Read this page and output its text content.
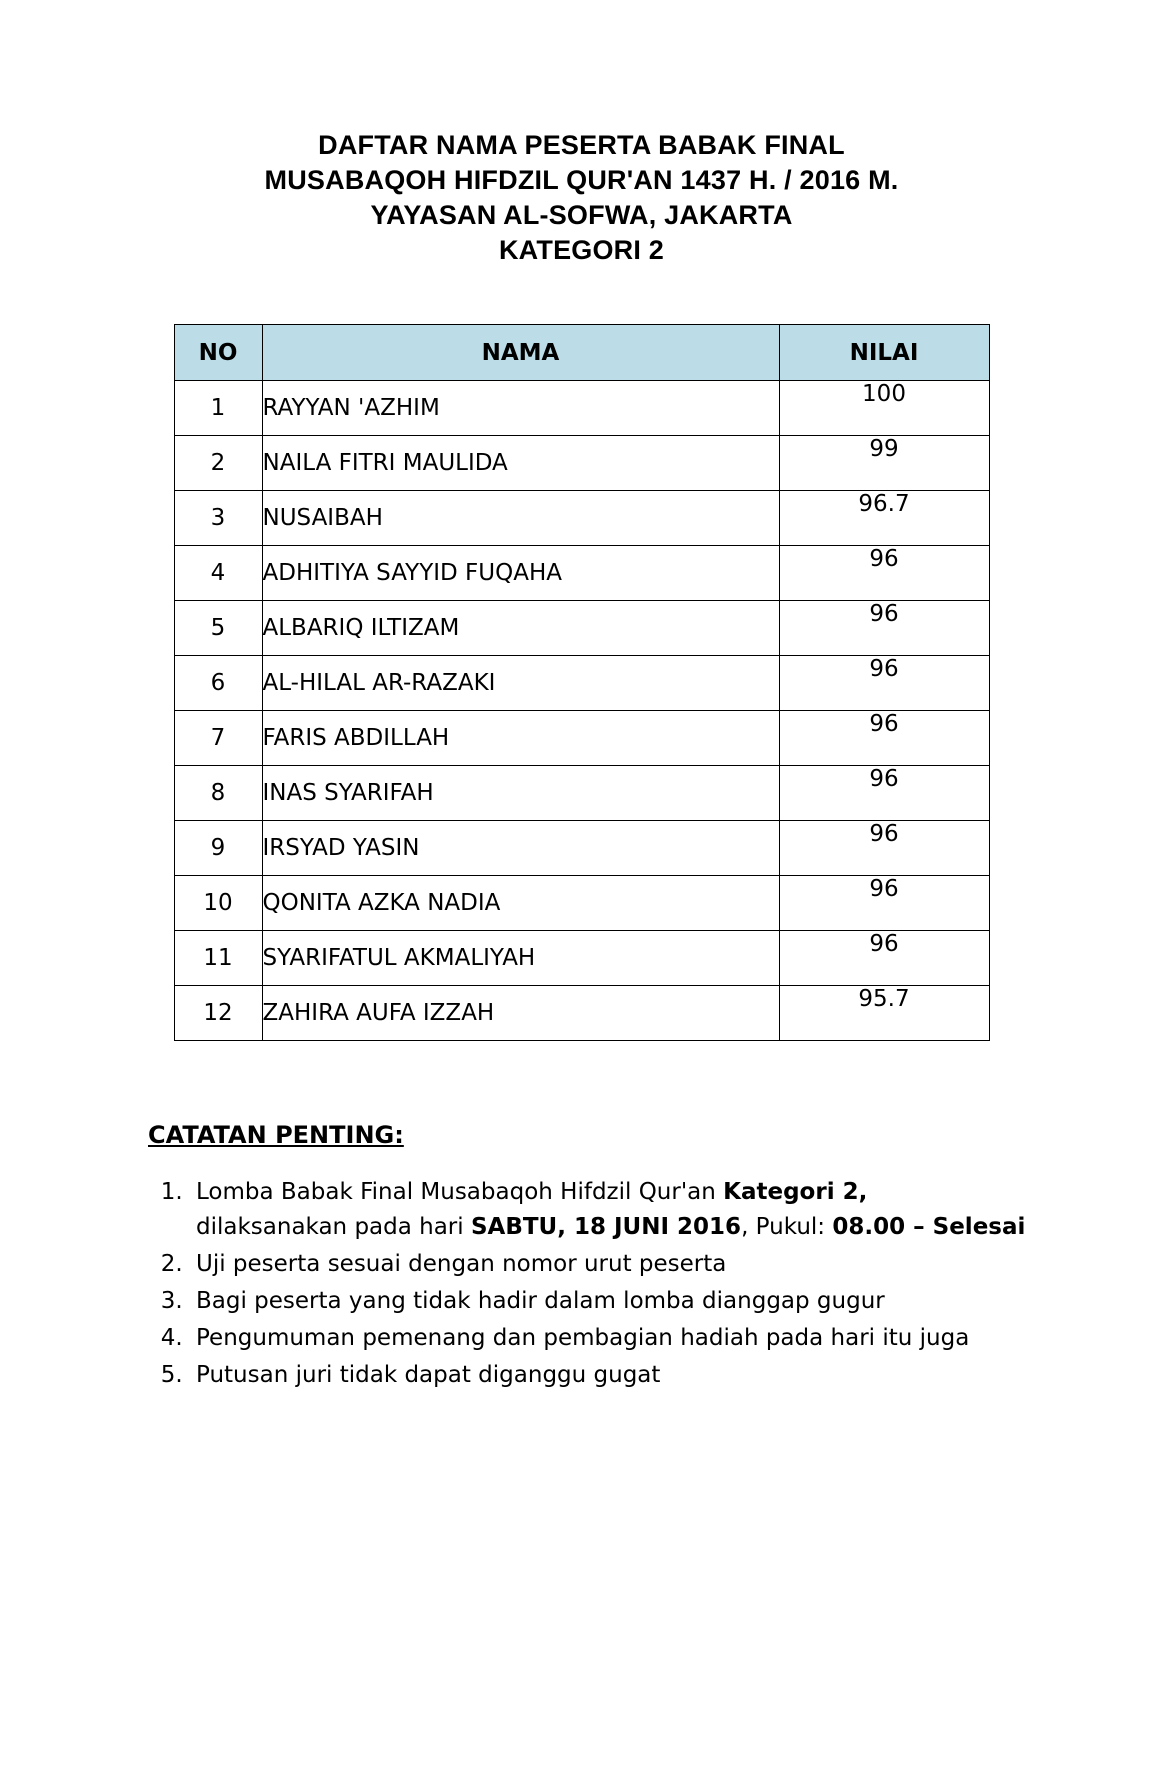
DAFTAR NAMA PESERTA BABAK FINAL
MUSABAQOH HIFDZIL QUR'AN 1437 H. / 2016 M.
YAYASAN AL-SOFWA, JAKARTA
KATEGORI 2
NO	NAMA	NILAI
1	RAYYAN 'AZHIM	100
2	NAILA FITRI MAULIDA	99
3	NUSAIBAH	96.7
4	ADHITIYA SAYYID FUQAHA	96
5	ALBARIQ ILTIZAM	96
6	AL-HILAL AR-RAZAKI	96
7	FARIS ABDILLAH	96
8	INAS SYARIFAH	96
9	IRSYAD YASIN	96
10	QONITA AZKA NADIA	96
11	SYARIFATUL AKMALIYAH	96
12	ZAHIRA AUFA IZZAH	95.7
CATATAN PENTING:
1. Lomba Babak Final Musabaqoh Hifdzil Qur'an Kategori 2,
dilaksanakan pada hari SABTU, 18 JUNI 2016, Pukul: 08.00 – Selesai
2. Uji peserta sesuai dengan nomor urut peserta
3. Bagi peserta yang tidak hadir dalam lomba dianggap gugur
4. Pengumuman pemenang dan pembagian hadiah pada hari itu juga
5. Putusan juri tidak dapat diganggu gugat
